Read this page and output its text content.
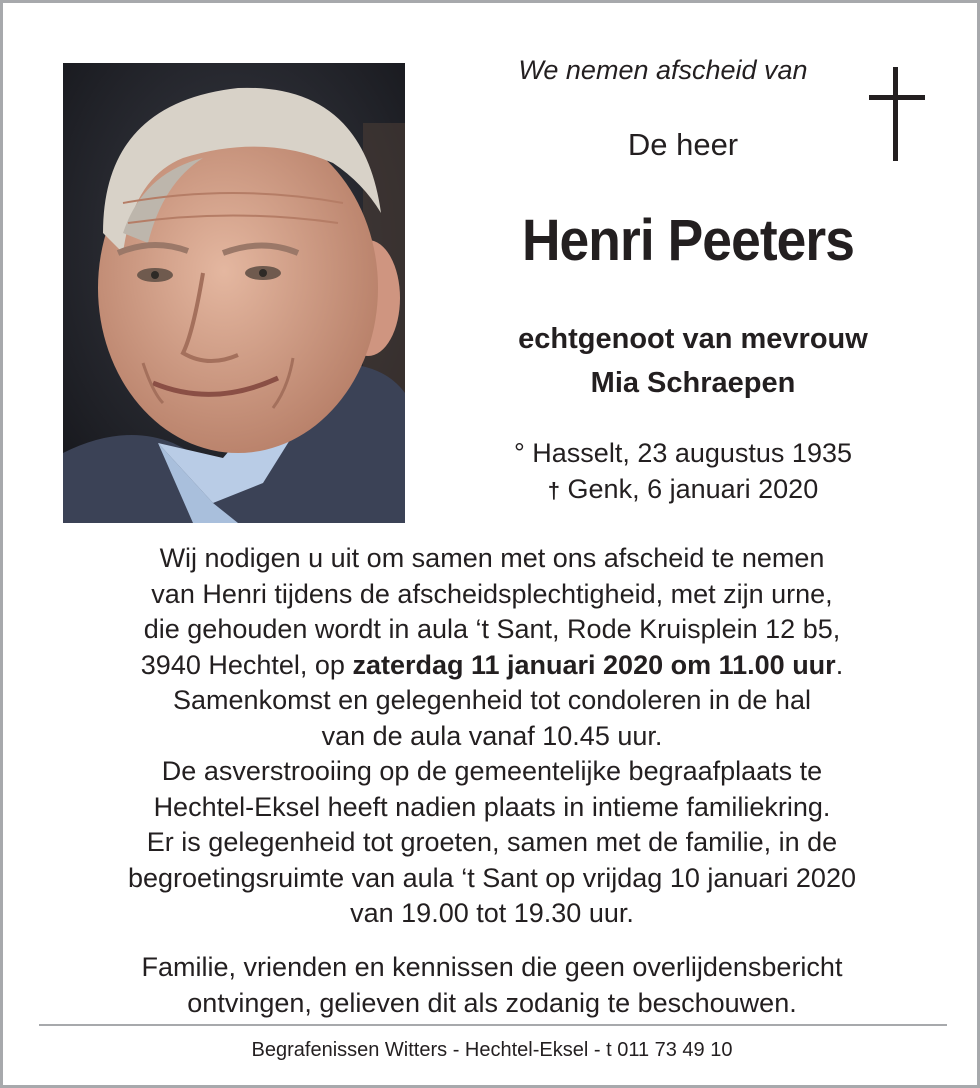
We nemen afscheid van
De heer
Henri Peeters
echtgenoot van mevrouw
Mia Schraepen
° Hasselt, 23 augustus 1935
† Genk, 6 januari 2020
Wij nodigen u uit om samen met ons afscheid te nemen
van Henri tijdens de afscheidsplechtigheid, met zijn urne,
die gehouden wordt in aula ‘t Sant, Rode Kruisplein 12 b5,
3940 Hechtel, op zaterdag 11 januari 2020 om 11.00 uur.
Samenkomst en gelegenheid tot condoleren in de hal
van de aula vanaf 10.45 uur.
De asverstrooiing op de gemeentelijke begraafplaats te
Hechtel-Eksel heeft nadien plaats in intieme familiekring.
Er is gelegenheid tot groeten, samen met de familie, in de
begroetingsruimte van aula ‘t Sant op vrijdag 10 januari 2020
van 19.00 tot 19.30 uur.
Familie, vrienden en kennissen die geen overlijdensbericht
ontvingen, gelieven dit als zodanig te beschouwen.
Begrafenissen Witters - Hechtel-Eksel - t 011 73 49 10
